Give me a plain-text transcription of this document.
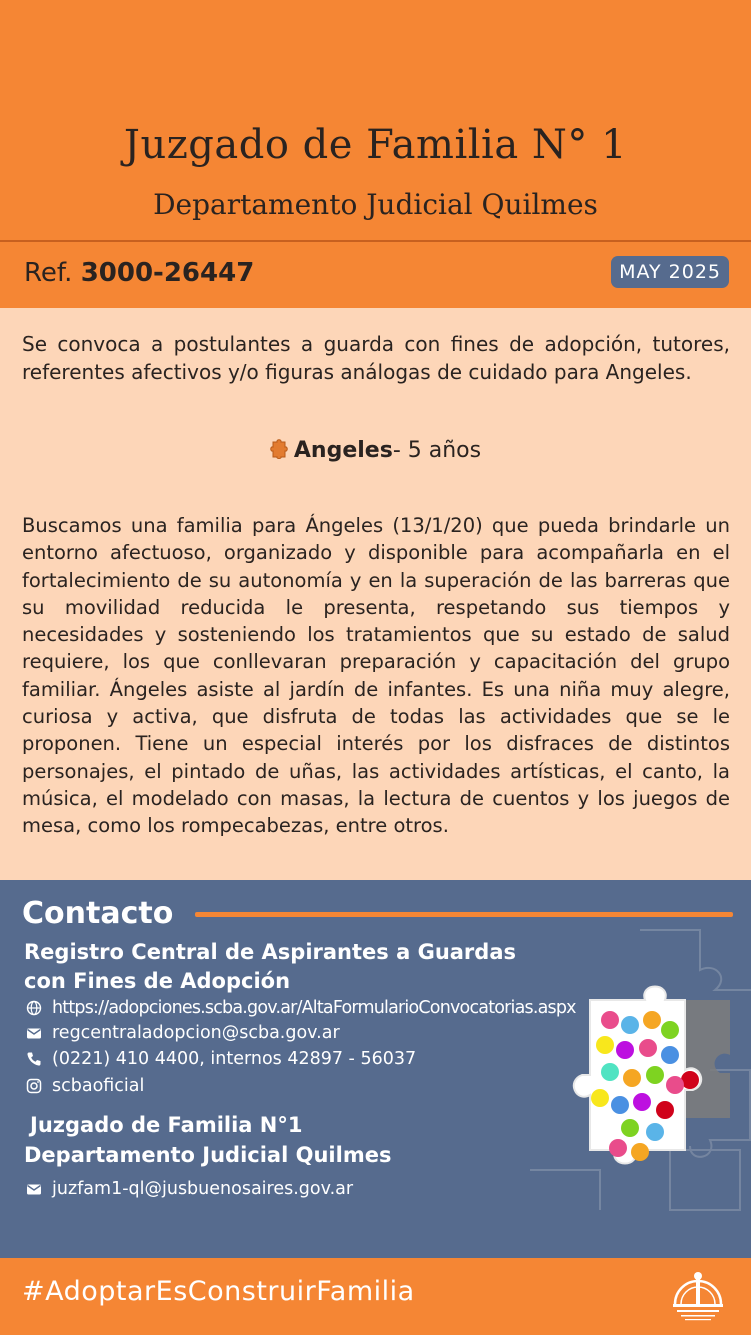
Juzgado de Familia N° 1
Departamento Judicial Quilmes
Ref. 3000-26447	MAY 2025

Se convoca a postulantes a guarda con fines de adopción, tutores, referentes afectivos y/o figuras análogas de cuidado para Angeles.

Angeles- 5 años

Buscamos una familia para Ángeles (13/1/20) que pueda brindarle un entorno afectuoso, organizado y disponible para acompañarla en el fortalecimiento de su autonomía y en la superación de las barreras que su movilidad reducida le presenta, respetando sus tiempos y necesidades y sosteniendo los tratamientos que su estado de salud requiere, los que conllevaran preparación y capacitación del grupo familiar. Ángeles asiste al jardín de infantes. Es una niña muy alegre, curiosa y activa, que disfruta de todas las actividades que se le proponen. Tiene un especial interés por los disfraces de distintos personajes, el pintado de uñas, las actividades artísticas, el canto, la música, el modelado con masas, la lectura de cuentos y los juegos de mesa, como los rompecabezas, entre otros.

Contacto
Registro Central de Aspirantes a Guardas
con Fines de Adopción
https://adopciones.scba.gov.ar/AltaFormularioConvocatorias.aspx
regcentraladopcion@scba.gov.ar
(0221) 410 4400, internos 42897 - 56037
scbaoficial
Juzgado de Familia N°1
Departamento Judicial Quilmes
juzfam1-ql@jusbuenosaires.gov.ar
#AdoptarEsConstruirFamilia
